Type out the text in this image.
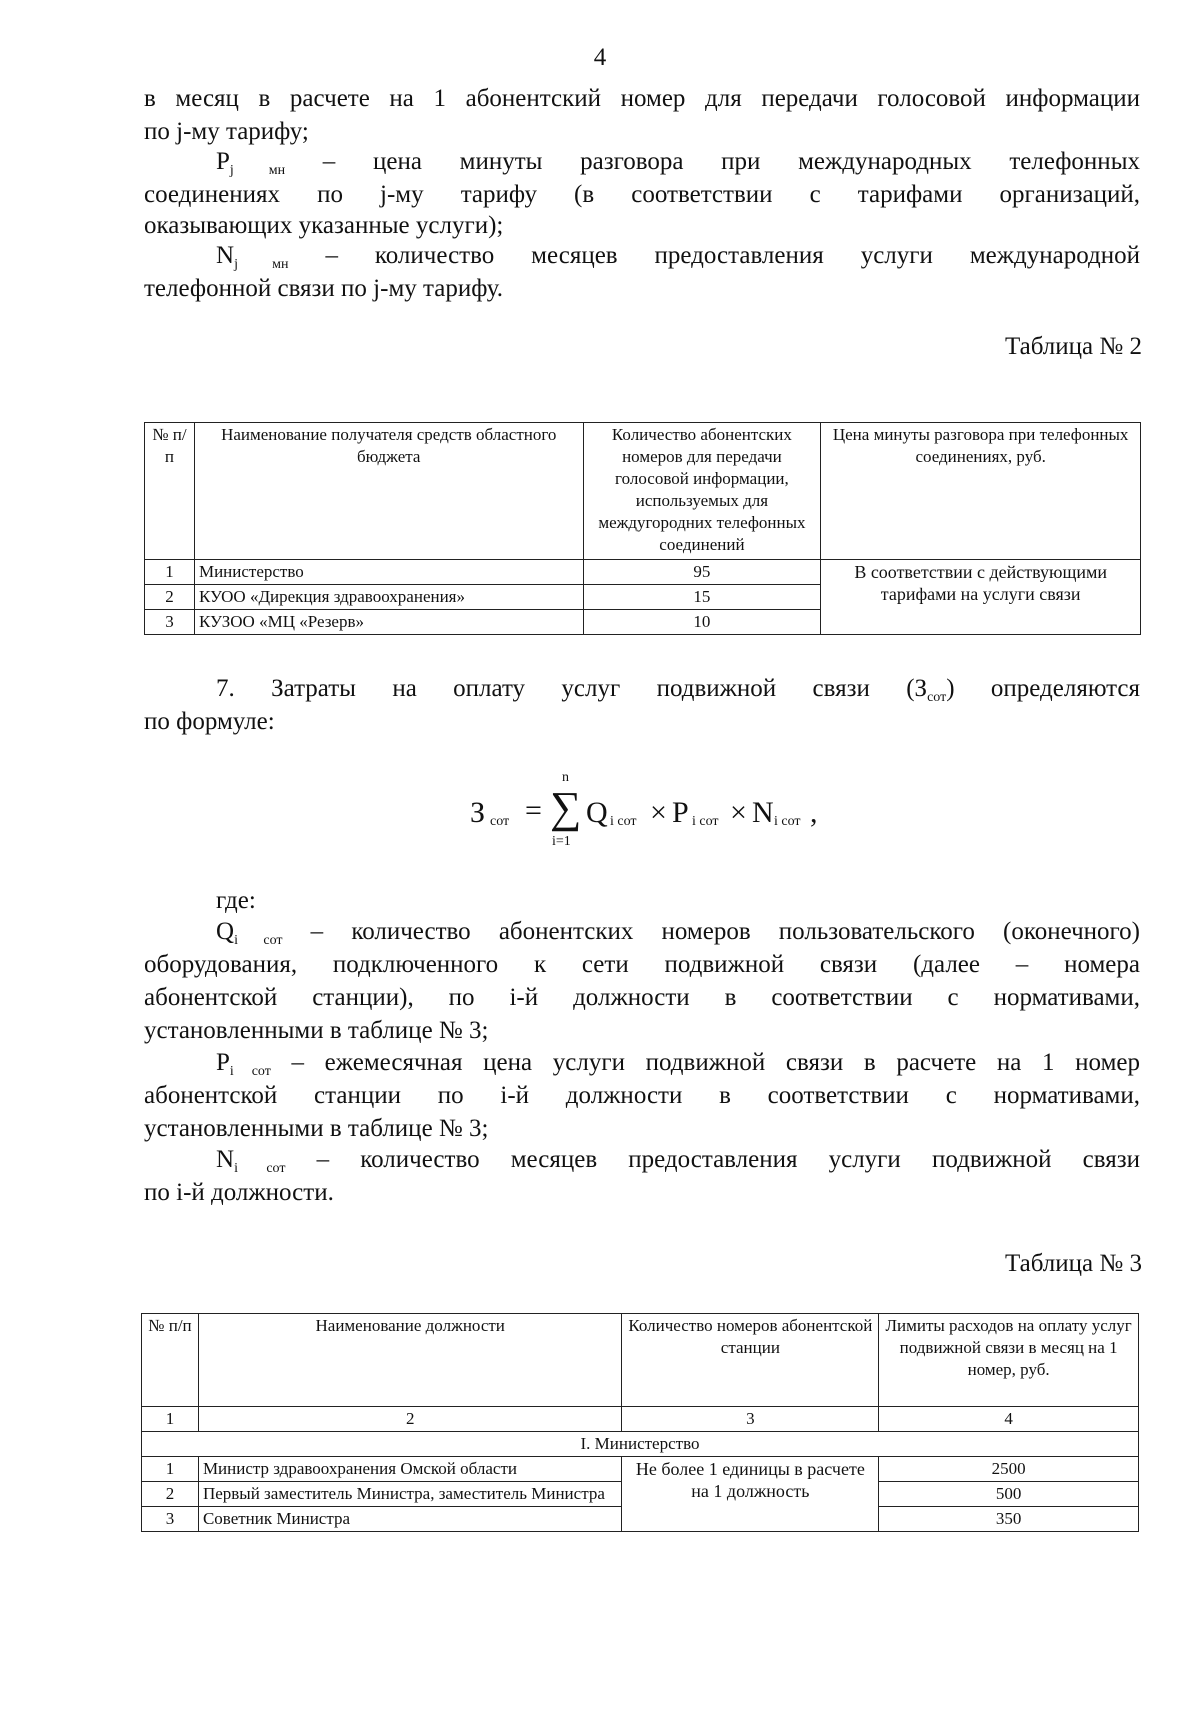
4

в месяц в расчете на 1 абонентский номер для передачи голосовой информации

по j-му тарифу;

$P_{j мн}$ – цена минуты разговора при международных телефонных

соединениях по j-му тарифу (в соответствии с тарифами организаций,

оказывающих указанные услуги);

$N_{j мн}$ – количество месяцев предоставления услуги международной

телефонной связи по j-му тарифу.

Таблица № 2
№ п/п	Наименование получателя средств областного бюджета	Количество абонентских номеров для передачи голосовой информации, используемых для междугородних телефонных соединений	Цена минуты разговора при телефонных соединениях, руб.
1	Министерство	95	В соответствии с действующими тарифами на услуги связи
2	КУОО «Дирекция здравоохранения»	15	
3	КУЗОО «МЦ «Резерв»	10	

7. Затраты на оплату услуг подвижной связи $(З_{сот})$ определяются

по формуле:

З сот =
n
∑
i=1
Q i сот × P i сот × N i сот ,

где:

$Q_{i сот}$ – количество абонентских номеров пользовательского (оконечного)

оборудования, подключенного к сети подвижной связи (далее – номера

абонентской станции), по i-й должности в соответствии с нормативами,

установленными в таблице № 3;

$P_{i сот}$ – ежемесячная цена услуги подвижной связи в расчете на 1 номер

абонентской станции по i-й должности в соответствии с нормативами,

установленными в таблице № 3;

$N_{i сот}$ – количество месяцев предоставления услуги подвижной связи

по i-й должности.

Таблица № 3
№ п/п	Наименование должности	Количество номеров абонентской станции	Лимиты расходов на оплату услуг подвижной связи в месяц на 1 номер, руб.
1	2	3	4
I. Министерство			
1	Министр здравоохранения Омской области	Не более 1 единицы в расчете на 1 должность	2500
2	Первый заместитель Министра, заместитель Министра		500
3	Советник Министра		350
